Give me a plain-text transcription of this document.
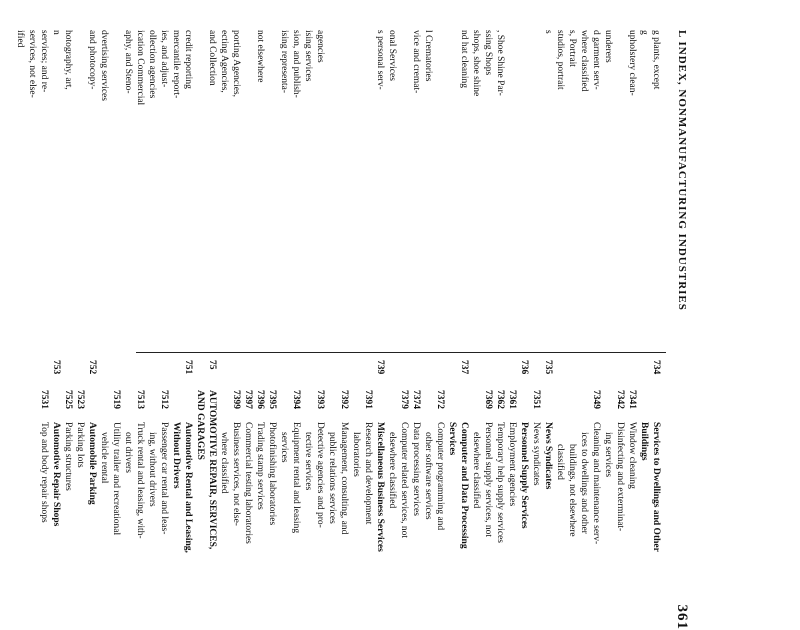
L INDEX, NONMANUFACTURING INDUSTRIES
361
g plants, except
g
upholstery clean-
underers
d garment serv-
where classified
s, Portrait
studios, portrait
s
, Shoe Shine Par-
ssing Shops
shops, shoe shine
nd hat cleaning
l Crematories
vice and cremat-
onal Services
s personal serv-
agencies
ising services
sion, and publish-
ising representa-
not elsewhere
porting Agencies,
ecting Agencies,
and Collection
credit reporting
mercantile report-
ies, and adjust-
ollection agencies
ication Commercial
aphy, and Steno-
dvertising services
and photocopy-
hotography, art,
n
services; and re-
services, not else-
ified
734
Services to Dwellings and Other
Buildings
7341
Window cleaning
7342
Disinfecting and exterminat-
ing services
7349
Cleaning and maintenance serv-
ices to dwellings and other
buildings, not elsewhere
classified
735
News Syndicates
7351
News syndicates
736
Personnel Supply Services
7361
Employment agencies
7362
Temporary help supply services
7369
Personnel supply services, not
elsewhere classified
737
Computer and Data Processing
Services
7372
Computer programming and
other software services
7374
Data processing services
7379
Computer related services, not
elsewhere classified
739
Miscellaneous Business Services
7391
Research and development
laboratories
7392
Management, consulting, and
public relations services
7393
Detective agencies and pro-
tective services
7394
Equipment rental and leasing
services
7395
Photofinishing laboratories
7396
Trading stamp services
7397
Commercial testing laboratories
7399
Business services, not else-
where classified
75
AUTOMOTIVE REPAIR, SERVICES,
AND GARAGES
751
Automotive Rental and Leasing,
Without Drivers
7512
Passenger car rental and leas-
ing, without drivers
7513
Truck rental and leasing, with-
out drivers
7519
Utility trailer and recreational
vehicle rental
752
Automobile Parking
7523
Parking lots
7525
Parking structures
753
Automotive Repair Shops
7531
Top and body repair shops
